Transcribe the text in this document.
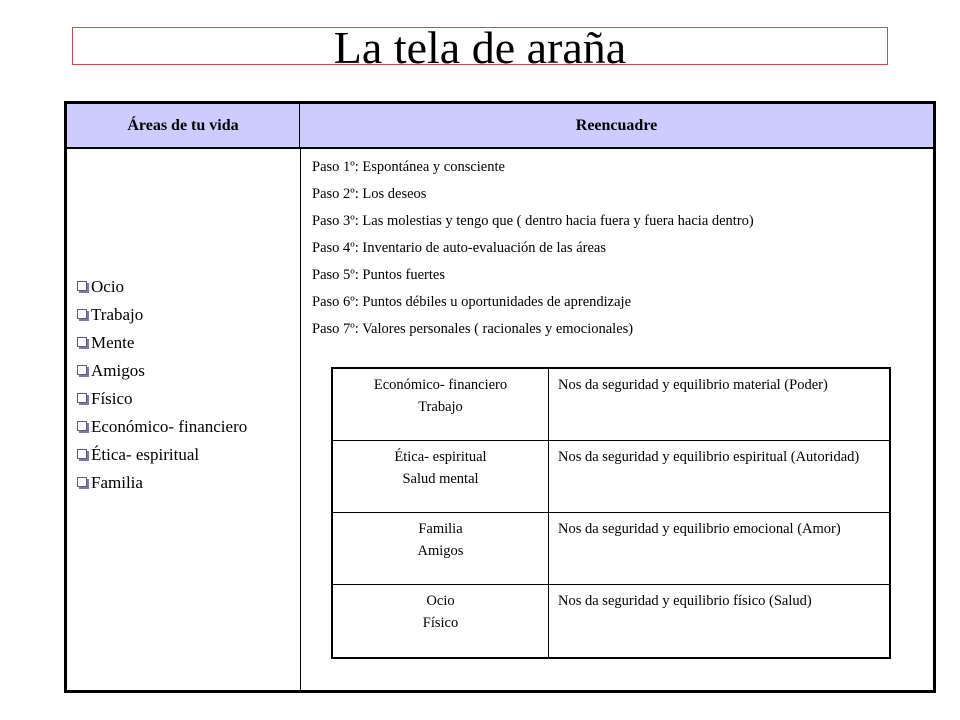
La tela de araña
Áreas de tu vida	Reencuadre
Ocio
Trabajo
Mente
Amigos
Físico
Económico- financiero
Ética- espiritual
Familia
Paso 1º: Espontánea y consciente
Paso 2º: Los deseos
Paso 3º: Las molestias y tengo que ( dentro hacia fuera y fuera hacia dentro)
Paso 4º: Inventario de auto-evaluación de las áreas
Paso 5º: Puntos fuertes
Paso 6º: Puntos débiles u oportunidades de aprendizaje
Paso 7º: Valores personales ( racionales y emocionales)
Económico- financiero
Trabajo
Nos da seguridad y equilibrio material (Poder)
Ética- espiritual
Salud mental
Nos da seguridad y equilibrio espiritual (Autoridad)
Familia
Amigos
Nos da seguridad y equilibrio emocional (Amor)
Ocio
Físico
Nos da seguridad y equilibrio físico (Salud)
